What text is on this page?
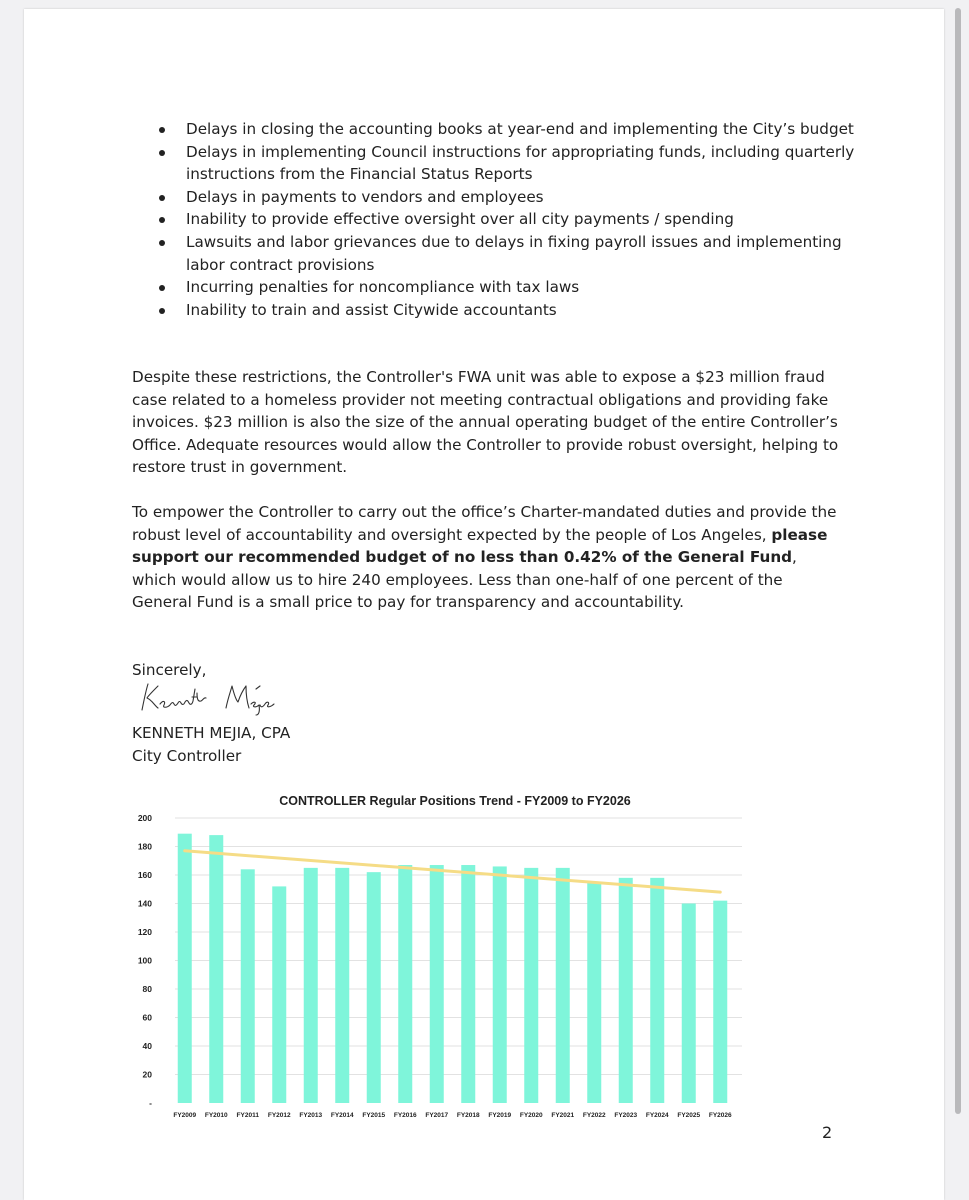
Delays in closing the accounting books at year-end and implementing the City’s budget
Delays in implementing Council instructions for appropriating funds, including quarterly instructions from the Financial Status Reports
Delays in payments to vendors and employees
Inability to provide effective oversight over all city payments / spending
Lawsuits and labor grievances due to delays in fixing payroll issues and implementing labor contract provisions
Incurring penalties for noncompliance with tax laws
Inability to train and assist Citywide accountants

Despite these restrictions, the Controller's FWA unit was able to expose a $23 million fraud case related to a homeless provider not meeting contractual obligations and providing fake invoices. $23 million is also the size of the annual operating budget of the entire Controller’s Office. Adequate resources would allow the Controller to provide robust oversight, helping to restore trust in government.

To empower the Controller to carry out the office’s Charter-mandated duties and provide the robust level of accountability and oversight expected by the people of Los Angeles, please support our recommended budget of no less than 0.42% of the General Fund, which would allow us to hire 240 employees. Less than one-half of one percent of the General Fund is a small price to pay for transparency and accountability.

Sincerely,
KENNETH MEJIA, CPA
City Controller
CONTROLLER Regular Positions Trend - FY2009 to FY2026
-
20
40
60
80
100
120
140
160
180
200
FY2009 FY2010 FY2011 FY2012 FY2013 FY2014 FY2015 FY2016 FY2017 FY2018 FY2019 FY2020 FY2021 FY2022 FY2023 FY2024 FY2025 FY2026
2
